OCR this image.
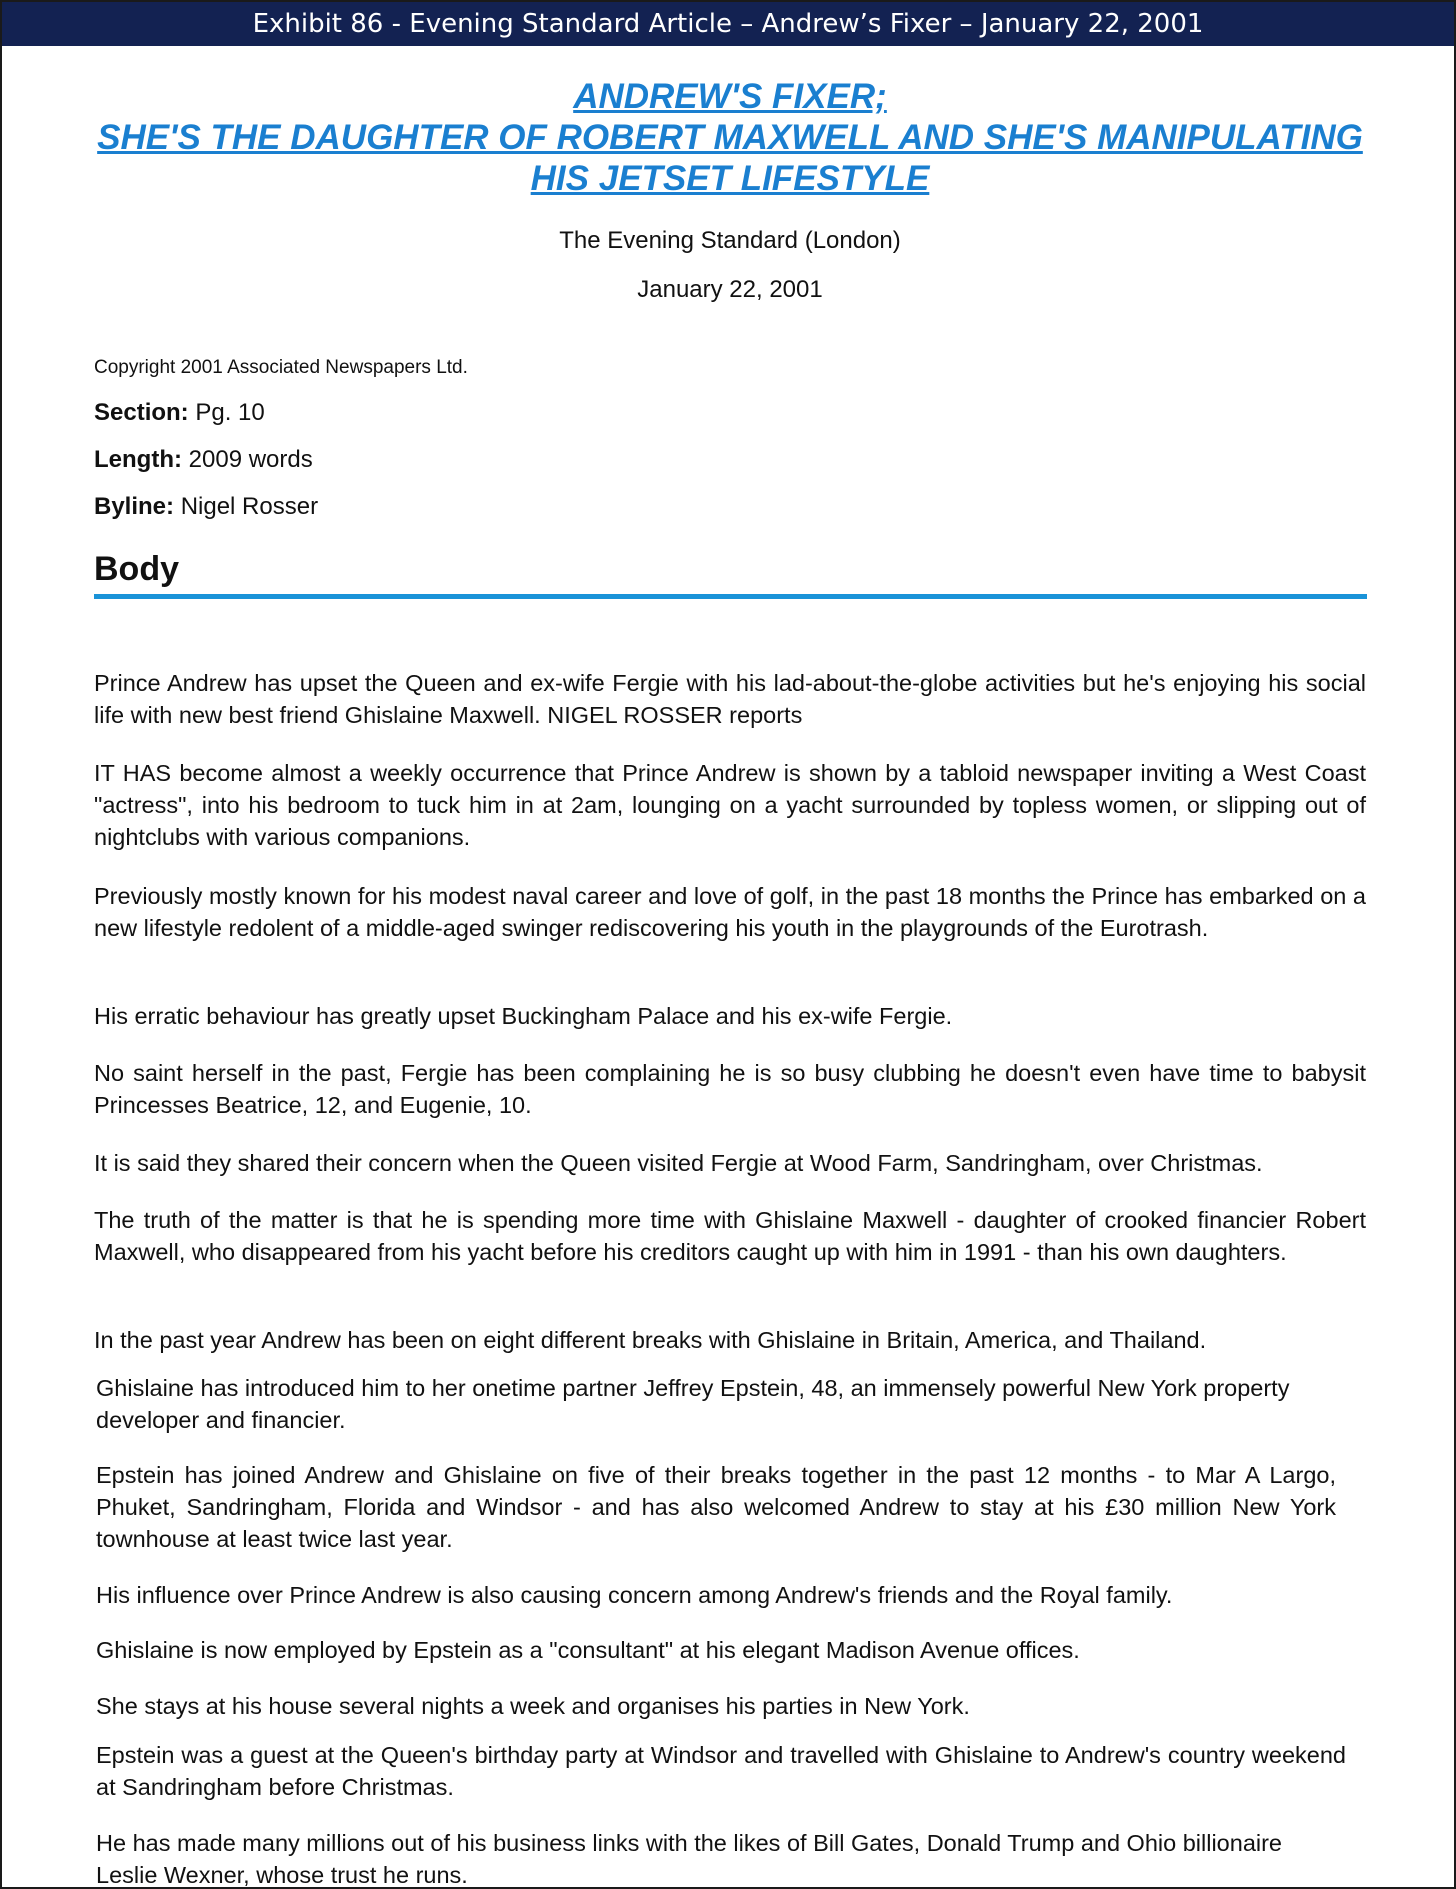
Exhibit 86 - Evening Standard Article – Andrew’s Fixer – January 22, 2001
ANDREW'S FIXER;
SHE'S THE DAUGHTER OF ROBERT MAXWELL AND SHE'S MANIPULATING
HIS JETSET LIFESTYLE
The Evening Standard (London)
January 22, 2001
Copyright 2001 Associated Newspapers Ltd.
Section: Pg. 10
Length: 2009 words
Byline: Nigel Rosser
Body
Prince Andrew has upset the Queen and ex-wife Fergie with his lad-about-the-globe activities but he's enjoying his social life with new best friend Ghislaine Maxwell. NIGEL ROSSER reports
IT HAS become almost a weekly occurrence that Prince Andrew is shown by a tabloid newspaper inviting a West Coast "actress", into his bedroom to tuck him in at 2am, lounging on a yacht surrounded by topless women, or slipping out of nightclubs with various companions.
Previously mostly known for his modest naval career and love of golf, in the past 18 months the Prince has embarked on a new lifestyle redolent of a middle-aged swinger rediscovering his youth in the playgrounds of the Eurotrash.
His erratic behaviour has greatly upset Buckingham Palace and his ex-wife Fergie.
No saint herself in the past, Fergie has been complaining he is so busy clubbing he doesn't even have time to babysit Princesses Beatrice, 12, and Eugenie, 10.
It is said they shared their concern when the Queen visited Fergie at Wood Farm, Sandringham, over Christmas.
The truth of the matter is that he is spending more time with Ghislaine Maxwell - daughter of crooked financier Robert Maxwell, who disappeared from his yacht before his creditors caught up with him in 1991 - than his own daughters.
In the past year Andrew has been on eight different breaks with Ghislaine in Britain, America, and Thailand.
Ghislaine has introduced him to her onetime partner Jeffrey Epstein, 48, an immensely powerful New York property developer and financier.
Epstein has joined Andrew and Ghislaine on five of their breaks together in the past 12 months - to Mar A Largo, Phuket, Sandringham, Florida and Windsor - and has also welcomed Andrew to stay at his £30 million New York townhouse at least twice last year.
His influence over Prince Andrew is also causing concern among Andrew's friends and the Royal family.
Ghislaine is now employed by Epstein as a "consultant" at his elegant Madison Avenue offices.
She stays at his house several nights a week and organises his parties in New York.
Epstein was a guest at the Queen's birthday party at Windsor and travelled with Ghislaine to Andrew's country weekend at Sandringham before Christmas.
He has made many millions out of his business links with the likes of Bill Gates, Donald Trump and Ohio billionaire Leslie Wexner, whose trust he runs.
